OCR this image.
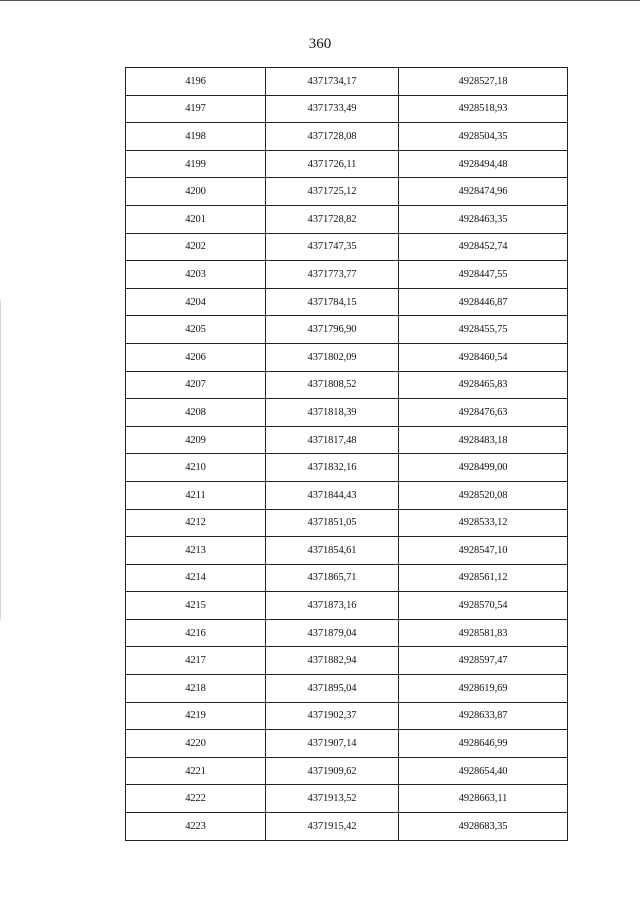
360
4196	4371734,17	4928527,18
4197	4371733,49	4928518,93
4198	4371728,08	4928504,35
4199	4371726,11	4928494,48
4200	4371725,12	4928474,96
4201	4371728,82	4928463,35
4202	4371747,35	4928452,74
4203	4371773,77	4928447,55
4204	4371784,15	4928446,87
4205	4371796,90	4928455,75
4206	4371802,09	4928460,54
4207	4371808,52	4928465,83
4208	4371818,39	4928476,63
4209	4371817,48	4928483,18
4210	4371832,16	4928499,00
4211	4371844,43	4928520,08
4212	4371851,05	4928533,12
4213	4371854,61	4928547,10
4214	4371865,71	4928561,12
4215	4371873,16	4928570,54
4216	4371879,04	4928581,83
4217	4371882,94	4928597,47
4218	4371895,04	4928619,69
4219	4371902,37	4928633,87
4220	4371907,14	4928646,99
4221	4371909,62	4928654,40
4222	4371913,52	4928663,11
4223	4371915,42	4928683,35
